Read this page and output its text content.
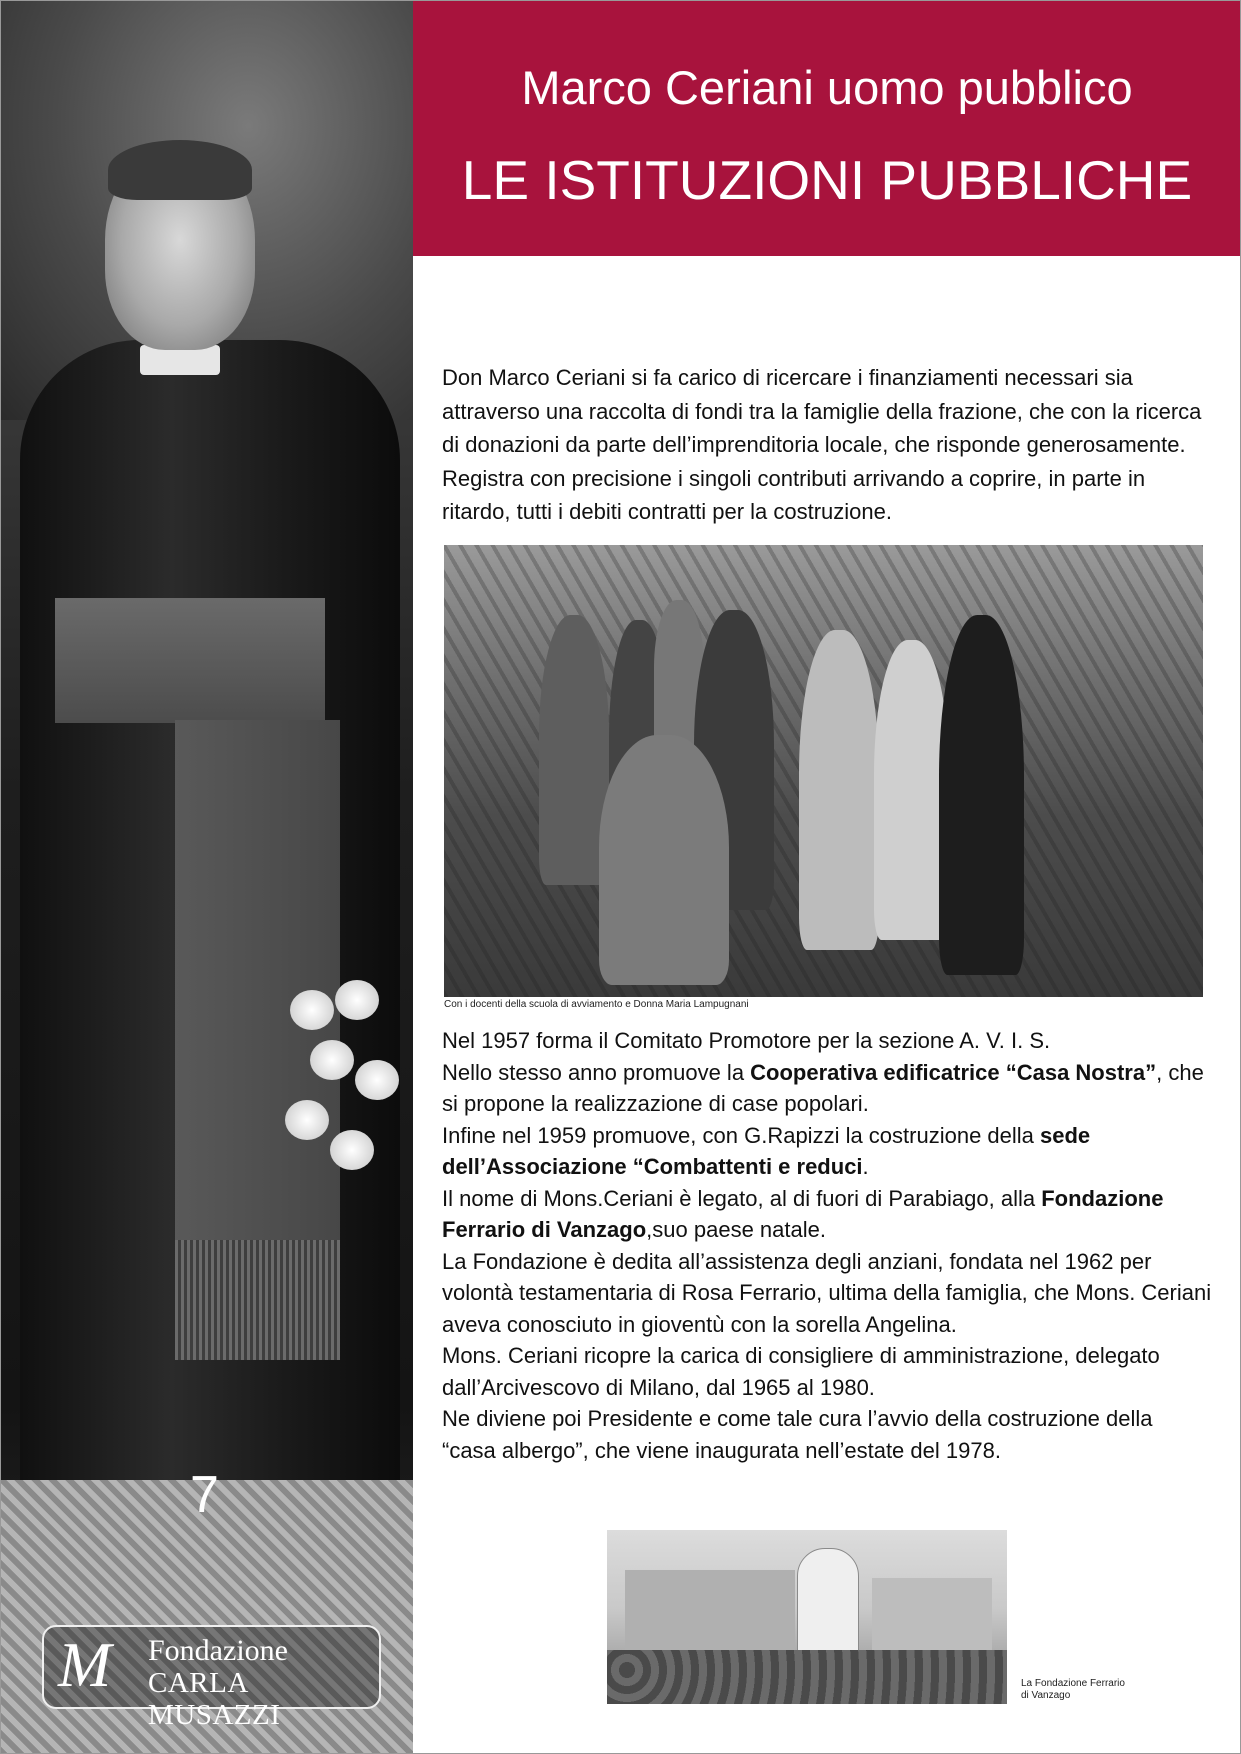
7
M Fondazione
CARLA MUSAZZI
Marco Ceriani uomo pubblico
LE ISTITUZIONI PUBBLICHE
Don Marco Ceriani si fa carico di ricercare i finanziamenti necessari sia attraverso una raccolta di fondi tra la famiglie della frazione, che con la ricerca di donazioni da parte dell’imprenditoria locale, che risponde generosamente. Registra con precisione i singoli contributi arrivando a coprire, in parte in ritardo, tutti i debiti contratti per la costruzione.
Con i docenti della scuola di avviamento e Donna Maria Lampugnani

Nel 1957 forma il Comitato Promotore per la sezione A. V. I. S.

Nello stesso anno promuove la Cooperativa edificatrice “Casa Nostra”, che si propone la realizzazione di case popolari.

Infine nel 1959 promuove, con G.Rapizzi la costruzione della sede dell’Associazione “Combattenti e reduci.

Il nome di Mons.Ceriani è legato, al di fuori di Parabiago, alla Fondazione Ferrario di Vanzago,suo paese natale.

La Fondazione è dedita all’assistenza degli anziani, fondata nel 1962 per volontà testamentaria di Rosa Ferrario, ultima della famiglia, che Mons. Ceriani aveva conosciuto in gioventù con la sorella Angelina.

Mons. Ceriani ricopre la carica di consigliere di amministrazione, delegato dall’Arcivescovo di Milano, dal 1965 al 1980.

Ne diviene poi Presidente e come tale cura l’avvio della costruzione della “casa albergo”, che viene inaugurata nell’estate del 1978.

La Fondazione Ferrario
di Vanzago
